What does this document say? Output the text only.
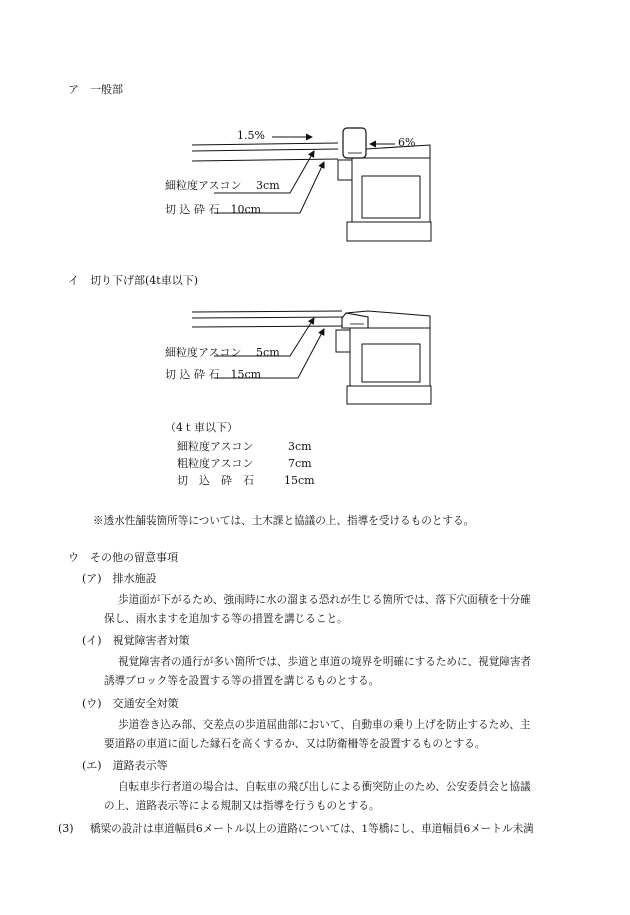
ア　一般部
1.5%
6%
細粒度アスコン　 3cm
切 込 砕 石　10cm
イ　切り下げ部(4t車以下)
細粒度アスコン　 5cm
切 込 砕 石　15cm
（4ｔ車以下）
細粒度アスコン	3cm
粗粒度アスコン	7cm
切　込　砕　石	15cm
※透水性舗装箇所等については、土木課と協議の上、指導を受けるものとする。
ウ　その他の留意事項
(ア)　排水施設
歩道面が下がるため、強雨時に水の溜まる恐れが生じる箇所では、落下穴面積を十分確
保し、雨水ますを追加する等の措置を講じること。
(イ)　視覚障害者対策
視覚障害者の通行が多い箇所では、歩道と車道の境界を明確にするために、視覚障害者
誘導ブロック等を設置する等の措置を講じるものとする。
(ウ)　交通安全対策
歩道巻き込み部、交差点の歩道屈曲部において、自動車の乗り上げを防止するため、主
要道路の車道に面した縁石を高くするか、又は防衛柵等を設置するものとする。
(エ)　道路表示等
自転車歩行者道の場合は、自転車の飛び出しによる衝突防止のため、公安委員会と協議
の上、道路表示等による規制又は指導を行うものとする。
(3) 橋梁の設計は車道幅員6メートル以上の道路については、1等橋にし、車道幅員6メートル未満
